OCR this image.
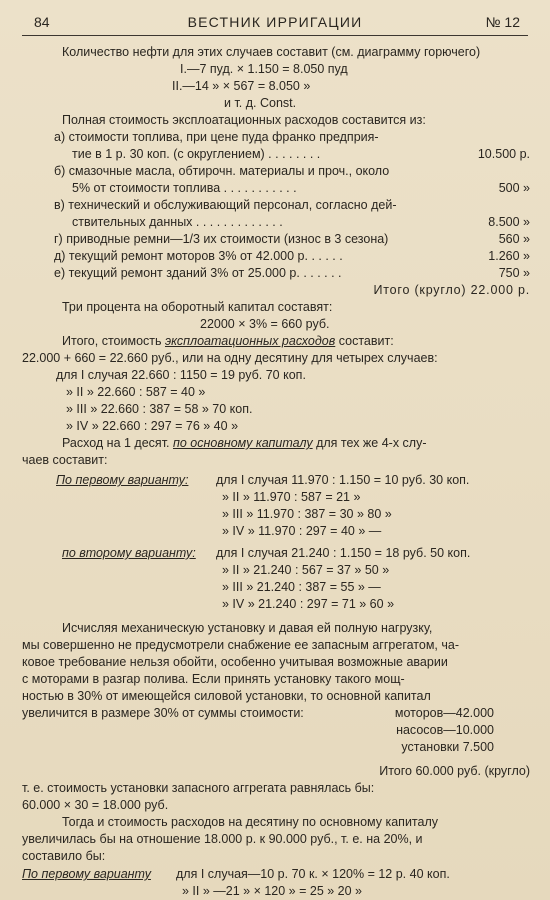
84	ВЕСТНИК ИРРИГАЦИИ	№ 12
Количество нефти для этих случаев составит (см. диаграмму горючего)
I.—7 пуд. × 1.150 = 8.050 пуд
II.—14 » × 567 = 8.050 »
и т. д. Const.
Полная стоимость эксплоатационных расходов составится из:
а) стоимости топлива, при цене пуда франко предприя-
тие в 1 р. 30 коп. (с округлением) . . . . . . . .	10.500 р.
б) смазочные масла, обтирочн. материалы и проч., около
5% от стоимости топлива . . . . . . . . . . .	500 »
в) технический и обслуживающий персонал, согласно дей-
ствительных данных . . . . . . . . . . . . .	8.500 »
г) приводные ремни—1/3 их стоимости (износ в 3 сезона)	560 »
д) текущий ремонт моторов 3% от 42.000 р. . . . . .	1.260 »
е) текущий ремонт зданий 3% от 25.000 р. . . . . . .	750 »
Итого (кругло) 22.000 р.
Три процента на оборотный капитал составят:
22000 × 3% = 660 руб.
Итого, стоимость эксплоатационных расходов составит:
22.000 + 660 = 22.660 руб., или на одну десятину для четырех случаев:
для I случая 22.660 : 1150 = 19 руб. 70 коп.
» II » 22.660 : 587 = 40 »
» III » 22.660 : 387 = 58 » 70 коп.
» IV » 22.660 : 297 = 76 » 40 »
Расход на 1 десят. по основному капиталу для тех же 4-х слу-
чаев составит:
По первому варианту: для I случая 11.970 : 1.150 = 10 руб. 30 коп.
» II » 11.970 : 587 = 21 »
» III » 11.970 : 387 = 30 » 80 »
» IV » 11.970 : 297 = 40 » —
по второму варианту: для I случая 21.240 : 1.150 = 18 руб. 50 коп.
» II » 21.240 : 567 = 37 » 50 »
» III » 21.240 : 387 = 55 » —
» IV » 21.240 : 297 = 71 » 60 »
Исчисляя механическую установку и давая ей полную нагрузку,
мы совершенно не предусмотрели снабжение ее запасным аггрегатом, ча-
ковое требование нельзя обойти, особенно учитывая возможные аварии
с моторами в разгар полива. Если принять установку такого мощ-
ностью в 30% от имеющейся силовой установки, то основной капитал
увеличится в размере 30% от суммы стоимости:	моторов—42.000
насосов—10.000
установки 7.500
Итого 60.000 руб. (кругло)
т. е. стоимость установки запасного аггрегата равнялась бы:
60.000 × 30 = 18.000 руб.
Тогда и стоимость расходов на десятину по основному капиталу
увеличилась бы на отношение 18.000 р. к 90.000 руб., т. е. на 20%, и
составило бы:
По первому варианту для I случая—10 р. 70 к. × 120% = 12 р. 40 коп.
» II » —21 » × 120 » = 25 » 20 »
